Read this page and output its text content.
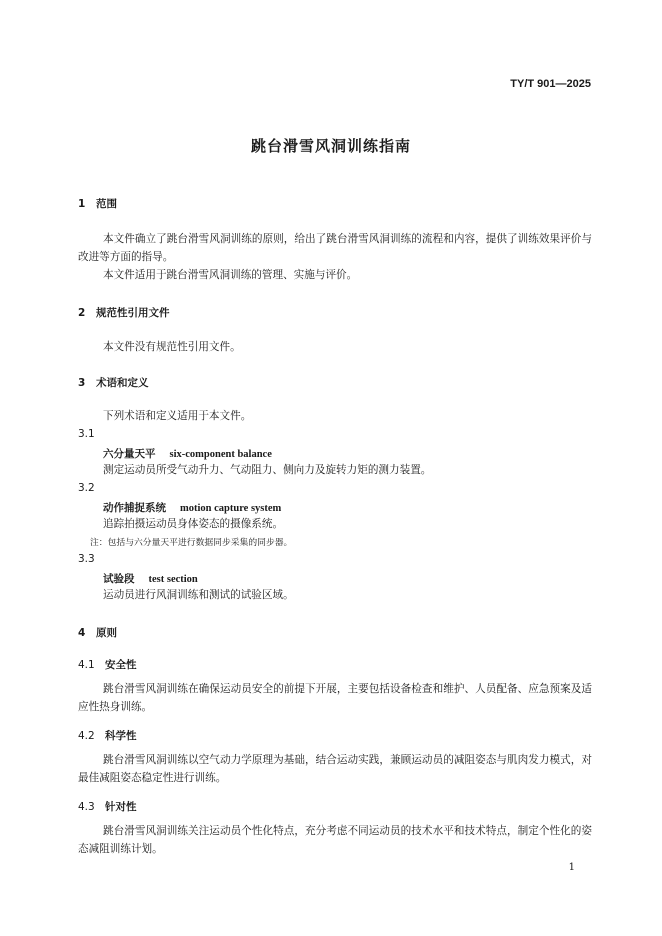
TY/T 901—2025
跳台滑雪风洞训练指南
1 范围
本文件确立了跳台滑雪风洞训练的原则，给出了跳台滑雪风洞训练的流程和内容，提供了训练效果评价与改进等方面的指导。
本文件适用于跳台滑雪风洞训练的管理、实施与评价。
2 规范性引用文件
本文件没有规范性引用文件。
3 术语和定义
下列术语和定义适用于本文件。
3.1
六分量天平 six-component balance
测定运动员所受气动升力、气动阻力、侧向力及旋转力矩的测力装置。
3.2
动作捕捉系统 motion capture system
追踪拍摄运动员身体姿态的摄像系统。
注：包括与六分量天平进行数据同步采集的同步器。
3.3
试验段 test section
运动员进行风洞训练和测试的试验区域。
4 原则
4.1 安全性
跳台滑雪风洞训练在确保运动员安全的前提下开展，主要包括设备检查和维护、人员配备、应急预案及适应性热身训练。
4.2 科学性
跳台滑雪风洞训练以空气动力学原理为基础，结合运动实践，兼顾运动员的减阻姿态与肌肉发力模式，对最佳减阻姿态稳定性进行训练。
4.3 针对性
跳台滑雪风洞训练关注运动员个性化特点，充分考虑不同运动员的技术水平和技术特点，制定个性化的姿态减阻训练计划。
1
